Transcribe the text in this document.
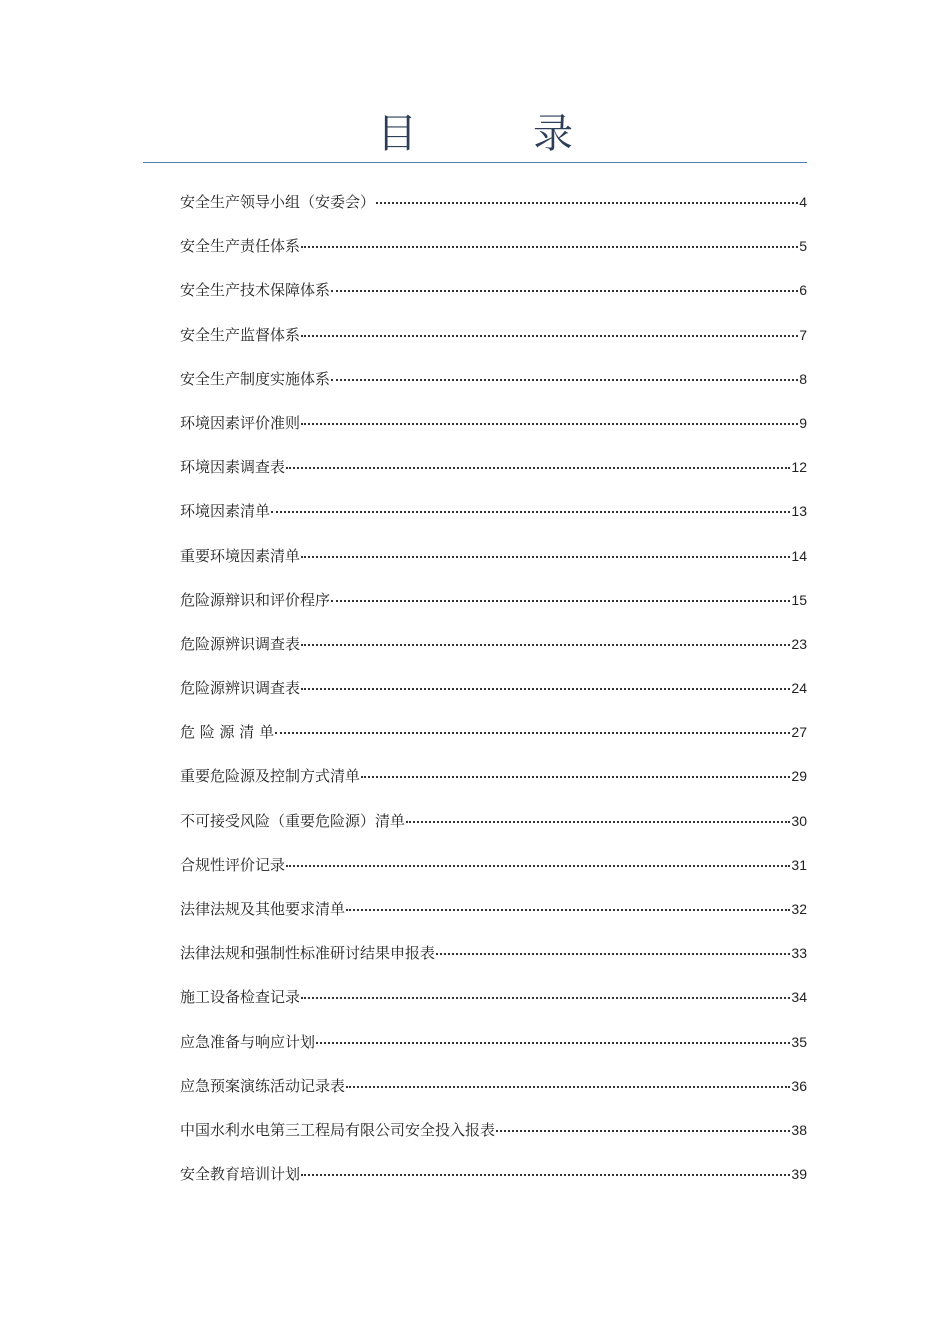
目　录
安全生产领导小组（安委会）	4
安全生产责任体系	5
安全生产技术保障体系	6
安全生产监督体系	7
安全生产制度实施体系	8
环境因素评价准则	9
环境因素调查表	12
环境因素清单	13
重要环境因素清单	14
危险源辩识和评价程序	15
危险源辨识调查表	23
危险源辨识调查表	24
危 险 源 清 单	27
重要危险源及控制方式清单	29
不可接受风险（重要危险源）清单	30
合规性评价记录	31
法律法规及其他要求清单	32
法律法规和强制性标准研讨结果申报表	33
施工设备检查记录	34
应急准备与响应计划	35
应急预案演练活动记录表	36
中国水利水电第三工程局有限公司安全投入报表	38
安全教育培训计划	39
